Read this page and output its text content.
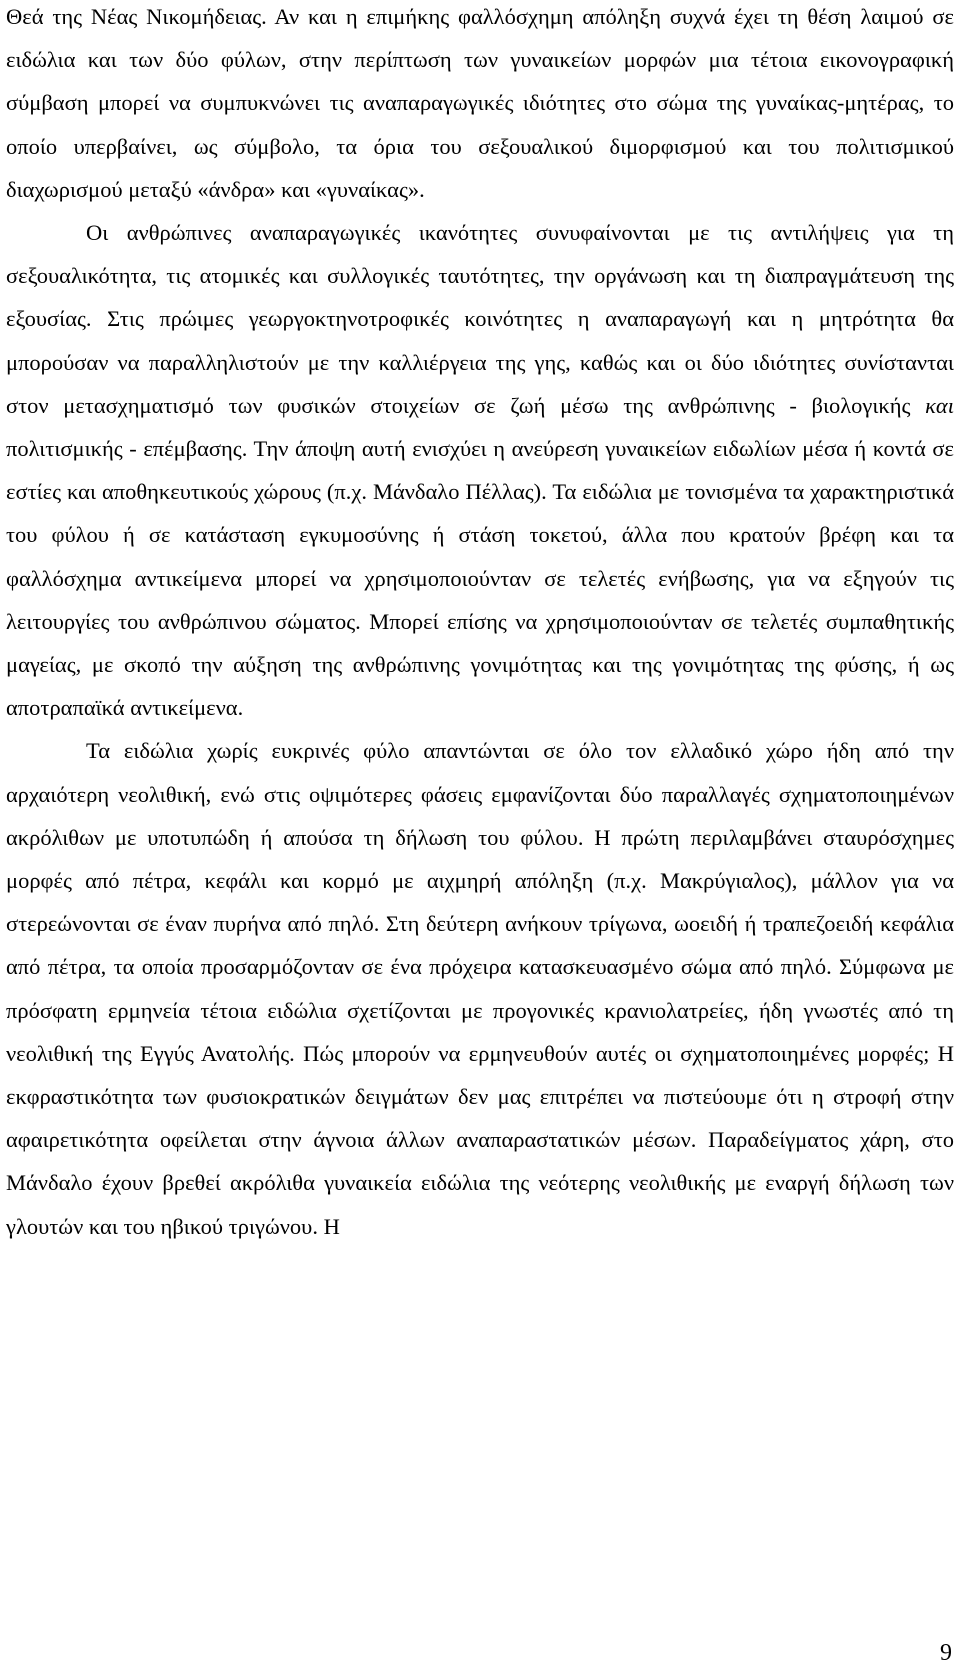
Θεά της Νέας Νικομήδειας. Αν και η επιμήκης φαλλόσχημη απόληξη συχνά έχει τη θέση λαιμού σε ειδώλια και των δύο φύλων, στην περίπτωση των γυναικείων μορφών μια τέτοια εικονογραφική σύμβαση μπορεί να συμπυκνώνει τις αναπαραγωγικές ιδιότητες στο σώμα της γυναίκας-μητέρας, το οποίο υπερβαίνει, ως σύμβολο, τα όρια του σεξουαλικού διμορφισμού και του πολιτισμικού διαχωρισμού μεταξύ «άνδρα» και «γυναίκας».

Οι ανθρώπινες αναπαραγωγικές ικανότητες συνυφαίνονται με τις αντιλήψεις για τη σεξουαλικότητα, τις ατομικές και συλλογικές ταυτότητες, την οργάνωση και τη διαπραγμάτευση της εξουσίας. Στις πρώιμες γεωργοκτηνοτροφικές κοινότητες η αναπαραγωγή και η μητρότητα θα μπορούσαν να παραλληλιστούν με την καλλιέργεια της γης, καθώς και οι δύο ιδιότητες συνίστανται στον μετασχηματισμό των φυσικών στοιχείων σε ζωή μέσω της ανθρώπινης - βιολογικής και πολιτισμικής - επέμβασης. Την άποψη αυτή ενισχύει η ανεύρεση γυναικείων ειδωλίων μέσα ή κοντά σε εστίες και αποθηκευτικούς χώρους (π.χ. Μάνδαλο Πέλλας). Τα ειδώλια με τονισμένα τα χαρακτηριστικά του φύλου ή σε κατάσταση εγκυμοσύνης ή στάση τοκετού, άλλα που κρατούν βρέφη και τα φαλλόσχημα αντικείμενα μπορεί να χρησιμοποιούνταν σε τελετές ενήβωσης, για να εξηγούν τις λειτουργίες του ανθρώπινου σώματος. Μπορεί επίσης να χρησιμοποιούνταν σε τελετές συμπαθητικής μαγείας, με σκοπό την αύξηση της ανθρώπινης γονιμότητας και της γονιμότητας της φύσης, ή ως αποτραπαϊκά αντικείμενα.

Τα ειδώλια χωρίς ευκρινές φύλο απαντώνται σε όλο τον ελλαδικό χώρο ήδη από την αρχαιότερη νεολιθική, ενώ στις οψιμότερες φάσεις εμφανίζονται δύο παραλλαγές σχηματοποιημένων ακρόλιθων με υποτυπώδη ή απούσα τη δήλωση του φύλου. Η πρώτη περιλαμβάνει σταυρόσχημες μορφές από πέτρα, κεφάλι και κορμό με αιχμηρή απόληξη (π.χ. Μακρύγιαλος), μάλλον για να στερεώνονται σε έναν πυρήνα από πηλό. Στη δεύτερη ανήκουν τρίγωνα, ωοειδή ή τραπεζοειδή κεφάλια από πέτρα, τα οποία προσαρμόζονταν σε ένα πρόχειρα κατασκευασμένο σώμα από πηλό. Σύμφωνα με πρόσφατη ερμηνεία τέτοια ειδώλια σχετίζονται με προγονικές κρανιολατρείες, ήδη γνωστές από τη νεολιθική της Εγγύς Ανατολής. Πώς μπορούν να ερμηνευθούν αυτές οι σχηματοποιημένες μορφές; Η εκφραστικότητα των φυσιοκρατικών δειγμάτων δεν μας επιτρέπει να πιστεύουμε ότι η στροφή στην αφαιρετικότητα οφείλεται στην άγνοια άλλων αναπαραστατικών μέσων. Παραδείγματος χάρη, στο Μάνδαλο έχουν βρεθεί ακρόλιθα γυναικεία ειδώλια της νεότερης νεολιθικής με εναργή δήλωση των γλουτών και του ηβικού τριγώνου. Η

9
